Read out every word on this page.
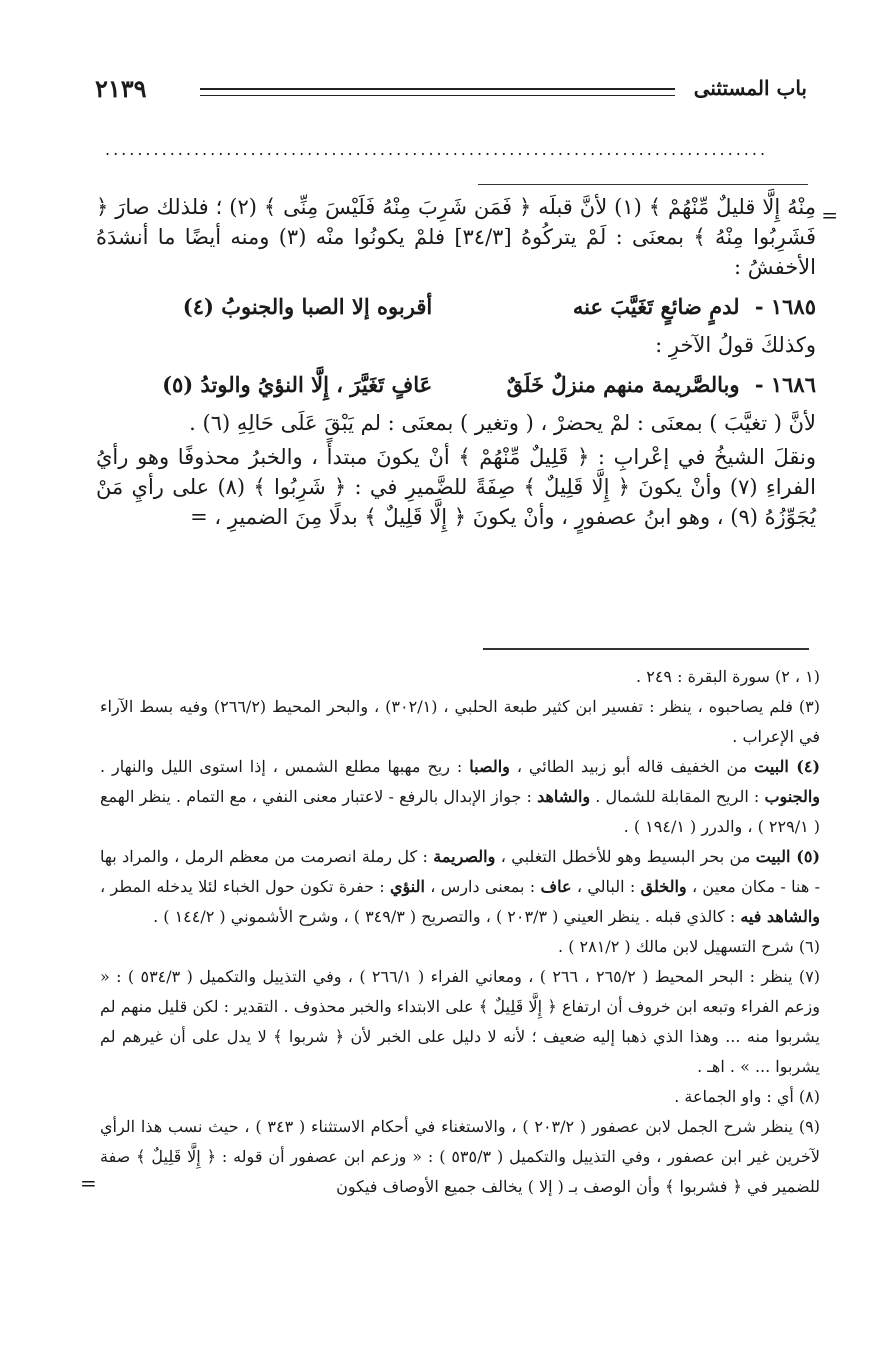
باب المستثنى
٢١٣٩
..................................................................................
=

مِنْهُ إِلَّا قليلٌ مِّنْهُمْ ﴾ (١) لأنَّ قبلَه ﴿ فَمَن شَرِبَ مِنْهُ فَلَيْسَ مِنِّى ﴾ (٢) ؛ فلذلك صارَ ﴿ فَشَرِبُوا مِنْهُ ﴾ بمعنَى : لَمْ يتركُوهُ [٣٤/٣] فلمْ يكونُوا منْه (٣) ومنه أيضًا ما أنشدَهُ الأخفشُ :

١٦٨٥ - لدمٍ ضائعٍ تَغَيَّبَ عنه أقربوه إلا الصبا والجنوبُ (٤)

وكذلكَ قولُ الآخرِ :

١٦٨٦ - وبالصَّريمة منهم منزلٌ خَلَقٌ عَافٍ تَغَيَّرَ ، إِلَّا النؤيُ والوتدُ (٥)

لأنَّ ( تغيَّبَ ) بمعنَى : لمْ يحضرْ ، ( وتغير ) بمعنَى : لم يَبْقَ عَلَى حَالِهِ (٦) .

ونقلَ الشيخُ في إعْرابِ : ﴿ قَلِيلٌ مِّنْهُمْ ﴾ أنْ يكونَ مبتدأً ، والخبرُ محذوفًا وهو رأيُ الفراءِ (٧) وأنْ يكونَ ﴿ إِلَّا قَلِيلٌ ﴾ صِفَةً للضَّميرِ في : ﴿ شَرِبُوا ﴾ (٨) على رأيِ مَنْ يُجَوِّزُهُ (٩) ، وهو ابنُ عصفورٍ ، وأنْ يكونَ ﴿ إِلَّا قَلِيلٌ ﴾ بدلًا مِنَ الضميرِ ، =

(١ ، ٢) سورة البقرة : ٢٤٩ .

(٣) فلم يصاحبوه ، ينظر : تفسير ابن كثير طبعة الحلبي ، (٣٠٢/١) ، والبحر المحيط (٢٦٦/٢) وفيه بسط الآراء في الإعراب .

(٤) البيت من الخفيف قاله أبو زبيد الطائي ، والصبا : ريح مهبها مطلع الشمس ، إذا استوى الليل والنهار . والجنوب : الريح المقابلة للشمال . والشاهد : جواز الإبدال بالرفع - لاعتبار معنى النفي ، مع التمام . ينظر الهمع ( ٢٢٩/١ ) ، والدرر ( ١٩٤/١ ) .

(٥) البيت من بحر البسيط وهو للأخطل التغلبي ، والصريمة : كل رملة انصرمت من معظم الرمل ، والمراد بها - هنا - مكان معين ، والخلق : البالي ، عاف : بمعنى دارس ، النؤي : حفرة تكون حول الخباء لئلا يدخله المطر ، والشاهد فيه : كالذي قبله . ينظر العيني ( ٢٠٣/٣ ) ، والتصريح ( ٣٤٩/٣ ) ، وشرح الأشموني ( ١٤٤/٢ ) .

(٦) شرح التسهيل لابن مالك ( ٢٨١/٢ ) .

(٧) ينظر : البحر المحيط ( ٢٦٥/٢ ، ٢٦٦ ) ، ومعاني الفراء ( ٢٦٦/١ ) ، وفي التذييل والتكميل ( ٥٣٤/٣ ) : « وزعم الفراء وتبعه ابن خروف أن ارتفاع ﴿ إِلَّا قَلِيلٌ ﴾ على الابتداء والخبر محذوف . التقدير : لكن قليل منهم لم يشربوا منه ... وهذا الذي ذهبا إليه ضعيف ؛ لأنه لا دليل على الخبر لأن ﴿ شربوا ﴾ لا يدل على أن غيرهم لم يشربوا ... » . اهـ .

(٨) أي : واو الجماعة .

(٩) ينظر شرح الجمل لابن عصفور ( ٢٠٣/٢ ) ، والاستغناء في أحكام الاستثناء ( ٣٤٣ ) ، حيث نسب هذا الرأي لآخرين غير ابن عصفور ، وفي التذييل والتكميل ( ٥٣٥/٣ ) : « وزعم ابن عصفور أن قوله : ﴿ إِلَّا قَلِيلٌ ﴾ صفة للضمير في ﴿ فشربوا ﴾ وأن الوصف بـ ( إلا ) يخالف جميع الأوصاف فيكون

=
